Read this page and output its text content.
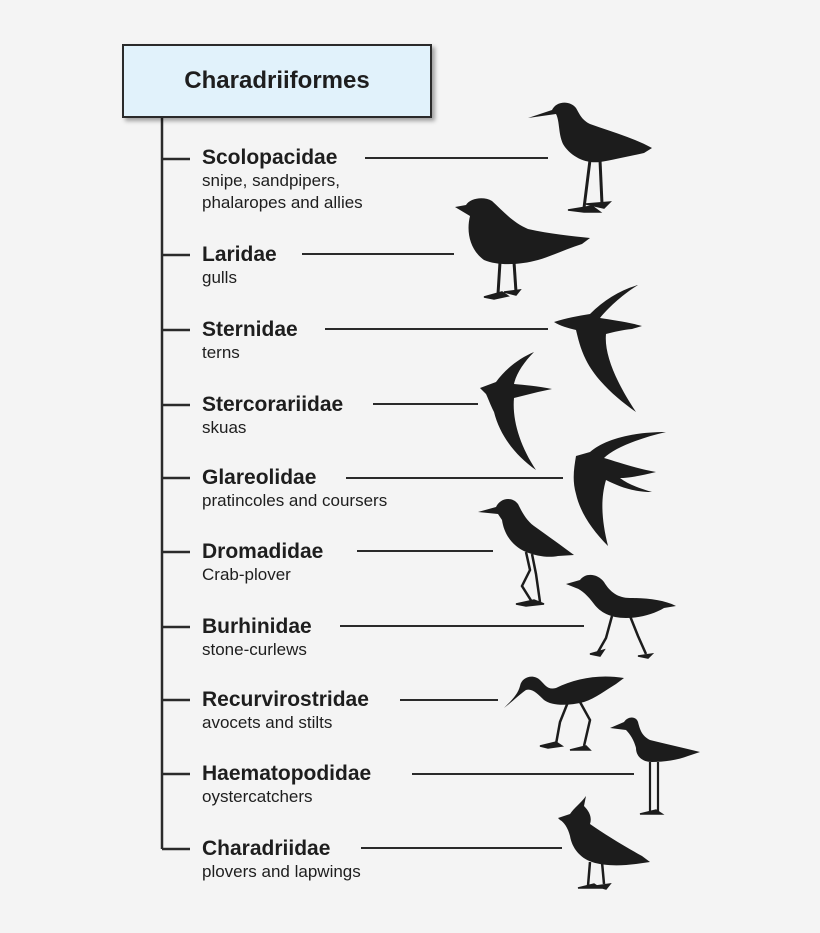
Charadriiformes
Scolopacidae
snipe, sandpipers,
phalaropes and allies
Laridae
gulls
Sternidae
terns
Stercorariidae
skuas
Glareolidae
pratincoles and coursers
Dromadidae
Crab-plover
Burhinidae
stone-curlews
Recurvirostridae
avocets and stilts
Haematopodidae
oystercatchers
Charadriidae
plovers and lapwings
